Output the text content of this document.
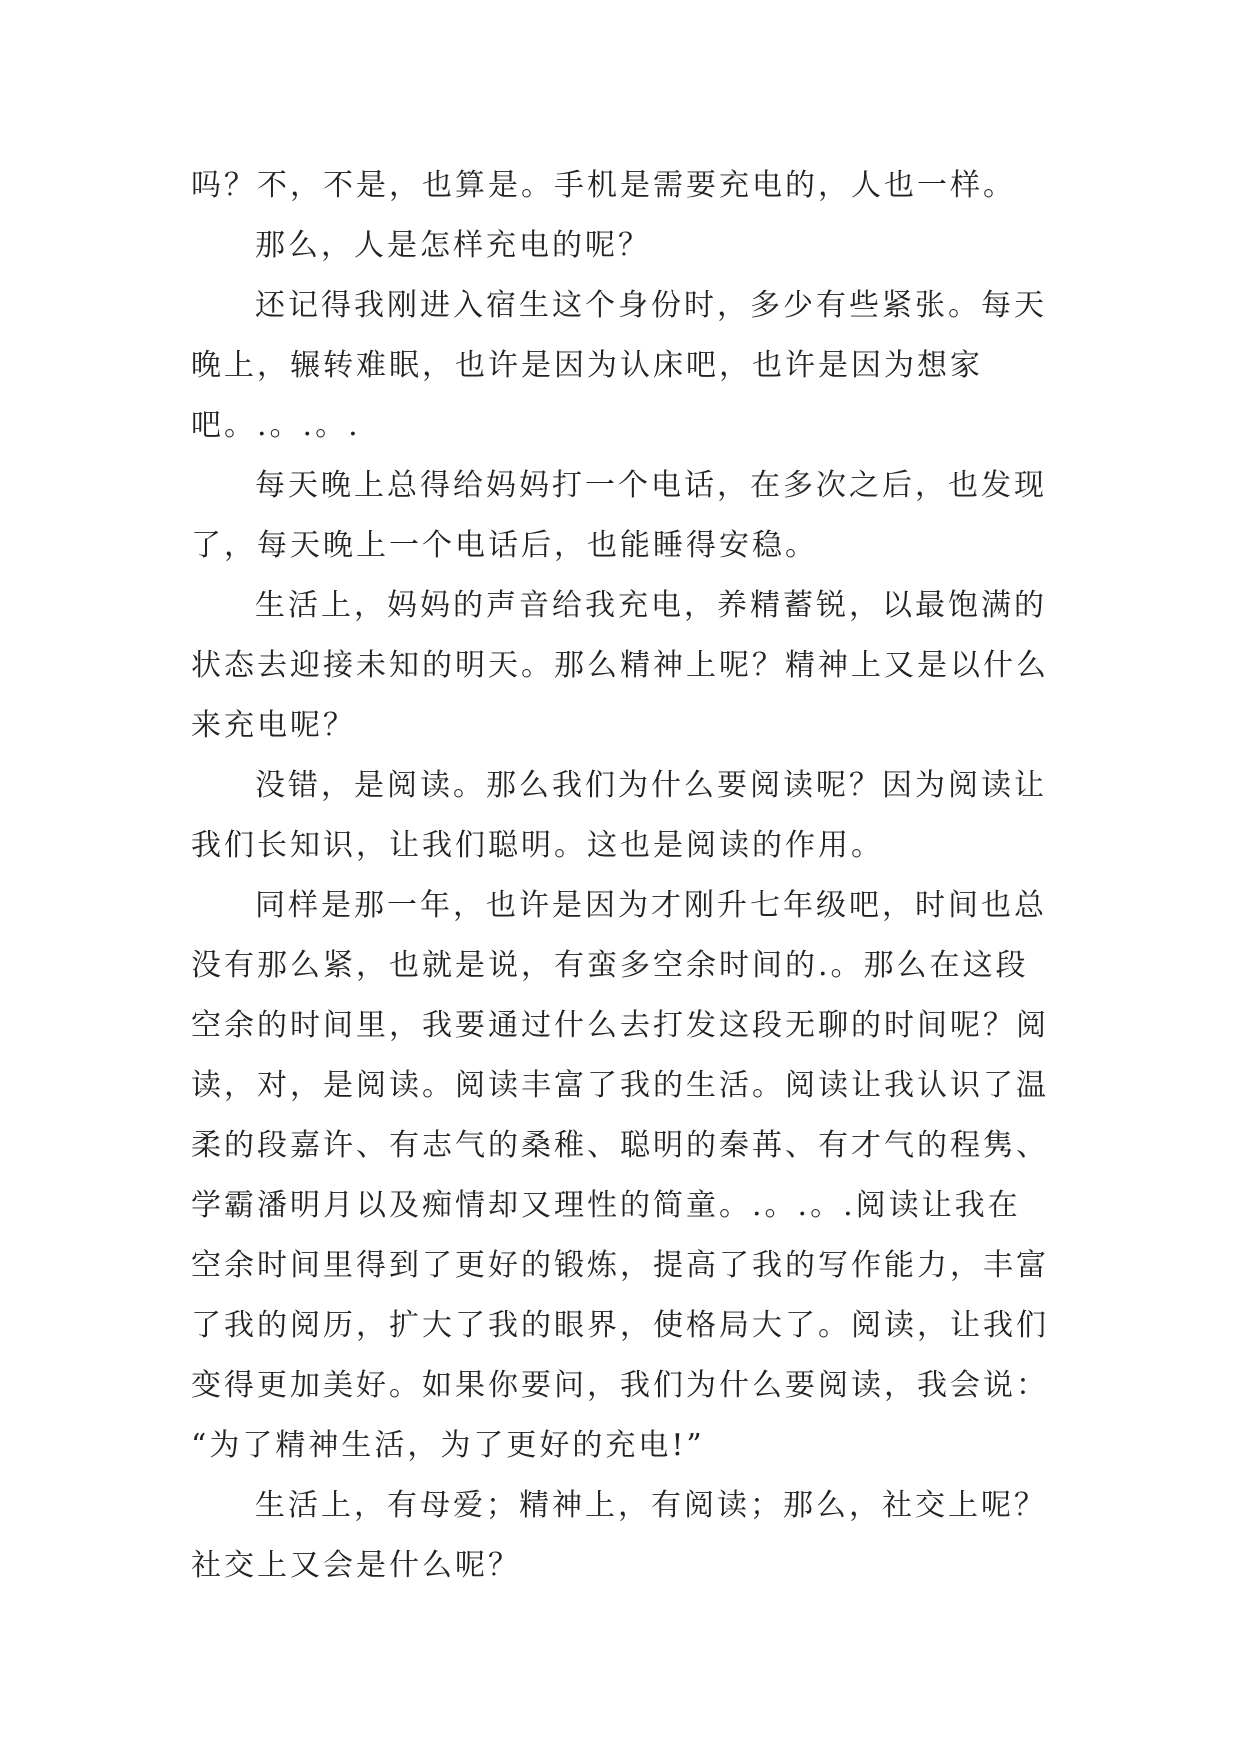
吗？不，不是，也算是。手机是需要充电的，人也一样。
那么，人是怎样充电的呢？
还记得我刚进入宿生这个身份时，多少有些紧张。每天
晚上，辗转难眠，也许是因为认床吧，也许是因为想家
吧。.。.。.
每天晚上总得给妈妈打一个电话，在多次之后，也发现
了，每天晚上一个电话后，也能睡得安稳。
生活上，妈妈的声音给我充电，养精蓄锐，以最饱满的
状态去迎接未知的明天。那么精神上呢？精神上又是以什么
来充电呢？
没错，是阅读。那么我们为什么要阅读呢？因为阅读让
我们长知识，让我们聪明。这也是阅读的作用。
同样是那一年，也许是因为才刚升七年级吧，时间也总
没有那么紧，也就是说，有蛮多空余时间的.。那么在这段
空余的时间里，我要通过什么去打发这段无聊的时间呢？阅
读，对，是阅读。阅读丰富了我的生活。阅读让我认识了温
柔的段嘉许、有志气的桑稚、聪明的秦苒、有才气的程隽、
学霸潘明月以及痴情却又理性的简童。.。.。.阅读让我在
空余时间里得到了更好的锻炼，提高了我的写作能力，丰富
了我的阅历，扩大了我的眼界，使格局大了。阅读，让我们
变得更加美好。如果你要问，我们为什么要阅读，我会说：
“为了精神生活，为了更好的充电!”
生活上，有母爱；精神上，有阅读；那么，社交上呢？
社交上又会是什么呢？
